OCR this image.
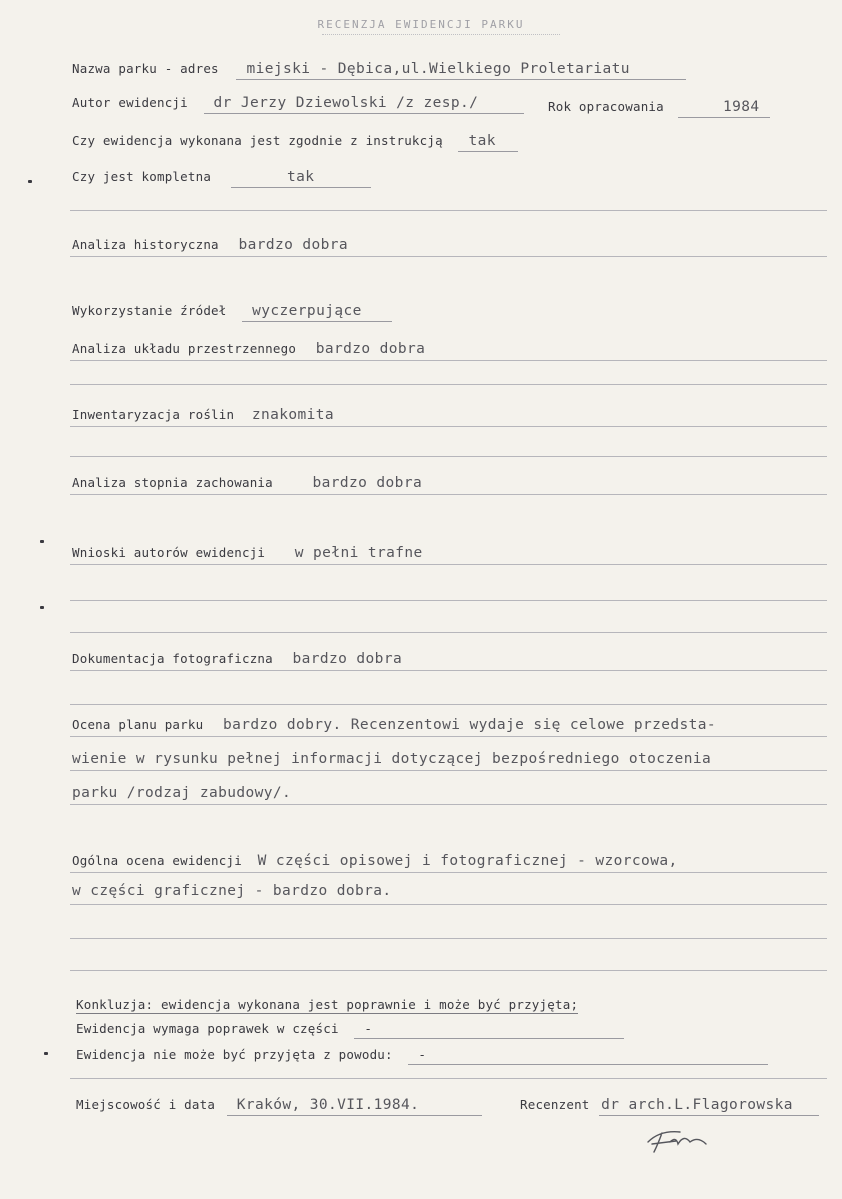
RECENZJA EWIDENCJI PARKU
Nazwa parku - adres miejski - Dębica,ul.Wielkiego Proletariatu
Autor ewidencji dr Jerzy Dziewolski /z zesp./	Rok opracowania	1984
Czy ewidencja wykonana jest zgodnie z instrukcją tak
Czy jest kompletna	tak
Analiza historyczna bardzo dobra
Wykorzystanie źródeł wyczerpujące
Analiza układu przestrzennego bardzo dobra
Inwentaryzacja roślin znakomita
Analiza stopnia zachowania	bardzo dobra
Wnioski autorów ewidencji w pełni trafne
Dokumentacja fotograficzna bardzo dobra
Ocena planu parku bardzo dobry. Recenzentowi wydaje się celowe przedsta-
wienie w rysunku pełnej informacji dotyczącej bezpośredniego otoczenia
parku /rodzaj zabudowy/.
Ogólna ocena ewidencji W części opisowej i fotograficznej - wzorcowa,
w części graficznej - bardzo dobra.
Konkluzja: ewidencja wykonana jest poprawnie i może być przyjęta;
Ewidencja wymaga poprawek w części -
Ewidencja nie może być przyjęta z powodu: -
Miejscowość i data Kraków, 30.VII.1984.	Recenzent dr arch.L.Flagorowska
